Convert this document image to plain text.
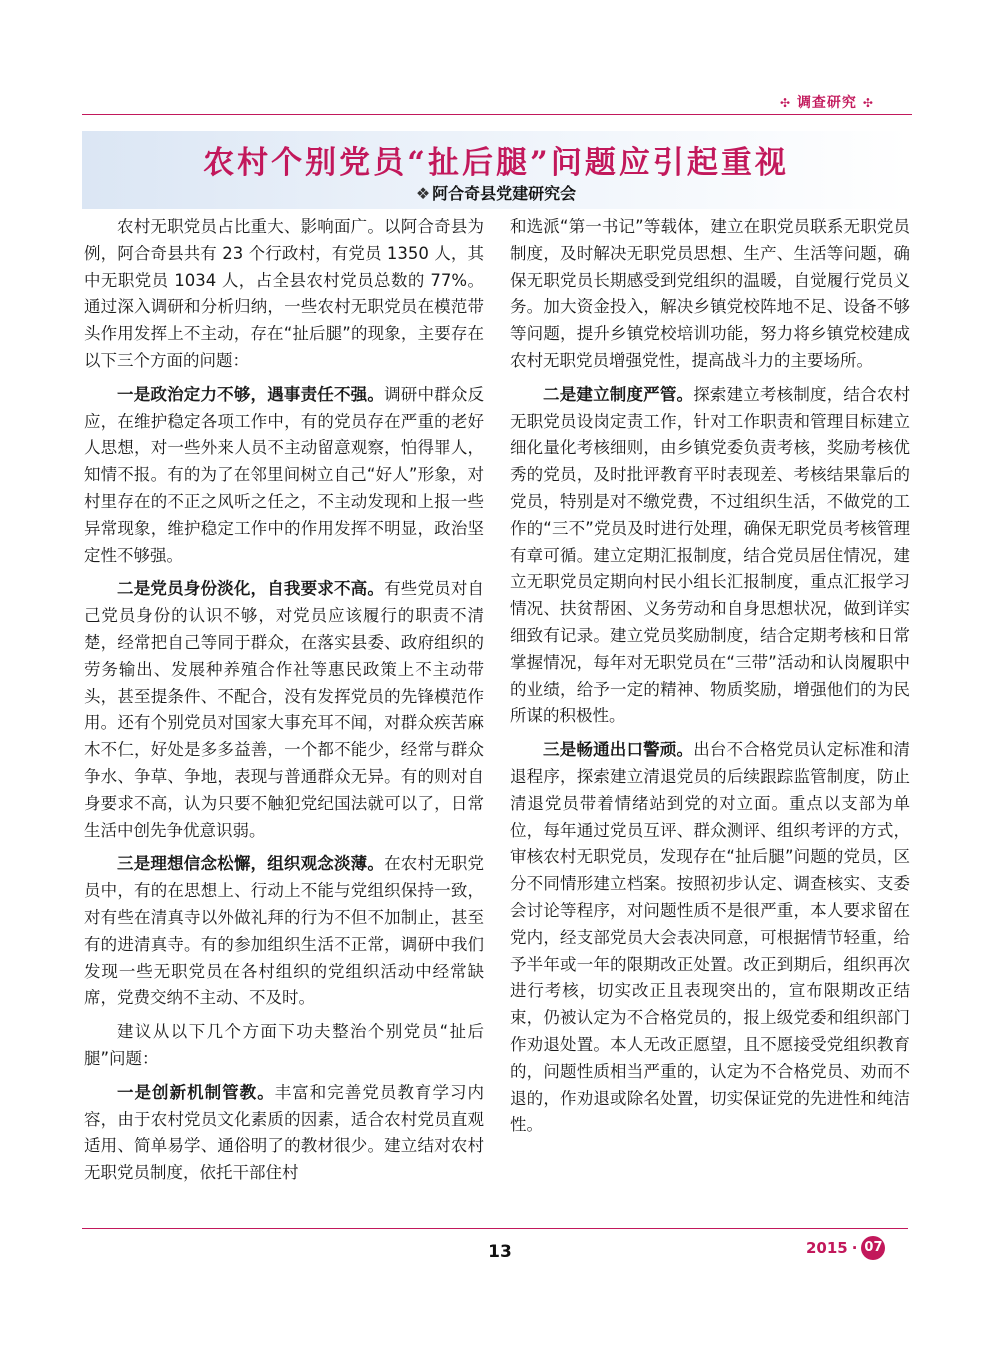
✣ 调查研究 ✣
农村个别党员“扯后腿”问题应引起重视
❖ 阿合奇县党建研究会

农村无职党员占比重大、影响面广。以阿合奇县为例，阿合奇县共有 23 个行政村，有党员 1350 人，其中无职党员 1034 人，占全县农村党员总数的 77%。通过深入调研和分析归纳，一些农村无职党员在模范带头作用发挥上不主动，存在“扯后腿”的现象，主要存在以下三个方面的问题：

一是政治定力不够，遇事责任不强。调研中群众反应，在维护稳定各项工作中，有的党员存在严重的老好人思想，对一些外来人员不主动留意观察，怕得罪人，知情不报。有的为了在邻里间树立自己“好人”形象，对村里存在的不正之风听之任之，不主动发现和上报一些异常现象，维护稳定工作中的作用发挥不明显，政治坚定性不够强。

二是党员身份淡化，自我要求不高。有些党员对自己党员身份的认识不够，对党员应该履行的职责不清楚，经常把自己等同于群众，在落实县委、政府组织的劳务输出、发展种养殖合作社等惠民政策上不主动带头，甚至提条件、不配合，没有发挥党员的先锋模范作用。还有个别党员对国家大事充耳不闻，对群众疾苦麻木不仁，好处是多多益善，一个都不能少，经常与群众争水、争草、争地，表现与普通群众无异。有的则对自身要求不高，认为只要不触犯党纪国法就可以了，日常生活中创先争优意识弱。

三是理想信念松懈，组织观念淡薄。在农村无职党员中，有的在思想上、行动上不能与党组织保持一致，对有些在清真寺以外做礼拜的行为不但不加制止，甚至有的进清真寺。有的参加组织生活不正常，调研中我们发现一些无职党员在各村组织的党组织活动中经常缺席，党费交纳不主动、不及时。

建议从以下几个方面下功夫整治个别党员“扯后腿”问题：

一是创新机制管教。丰富和完善党员教育学习内容，由于农村党员文化素质的因素，适合农村党员直观适用、简单易学、通俗明了的教材很少。建立结对农村无职党员制度，依托干部住村

和选派“第一书记”等载体，建立在职党员联系无职党员制度，及时解决无职党员思想、生产、生活等问题，确保无职党员长期感受到党组织的温暖，自觉履行党员义务。加大资金投入，解决乡镇党校阵地不足、设备不够等问题，提升乡镇党校培训功能，努力将乡镇党校建成农村无职党员增强党性，提高战斗力的主要场所。

二是建立制度严管。探索建立考核制度，结合农村无职党员设岗定责工作，针对工作职责和管理目标建立细化量化考核细则，由乡镇党委负责考核，奖励考核优秀的党员，及时批评教育平时表现差、考核结果靠后的党员，特别是对不缴党费，不过组织生活，不做党的工作的“三不”党员及时进行处理，确保无职党员考核管理有章可循。建立定期汇报制度，结合党员居住情况，建立无职党员定期向村民小组长汇报制度，重点汇报学习情况、扶贫帮困、义务劳动和自身思想状况，做到详实细致有记录。建立党员奖励制度，结合定期考核和日常掌握情况，每年对无职党员在“三带”活动和认岗履职中的业绩，给予一定的精神、物质奖励，增强他们的为民所谋的积极性。

三是畅通出口警顽。出台不合格党员认定标准和清退程序，探索建立清退党员的后续跟踪监管制度，防止清退党员带着情绪站到党的对立面。重点以支部为单位，每年通过党员互评、群众测评、组织考评的方式，审核农村无职党员，发现存在“扯后腿”问题的党员，区分不同情形建立档案。按照初步认定、调查核实、支委会讨论等程序，对问题性质不是很严重，本人要求留在党内，经支部党员大会表决同意，可根据情节轻重，给予半年或一年的限期改正处置。改正到期后，组织再次进行考核，切实改正且表现突出的，宣布限期改正结束，仍被认定为不合格党员的，报上级党委和组织部门作劝退处置。本人无改正愿望，且不愿接受党组织教育的，问题性质相当严重的，认定为不合格党员、劝而不退的，作劝退或除名处置，切实保证党的先进性和纯洁性。

13	2015 · 07
